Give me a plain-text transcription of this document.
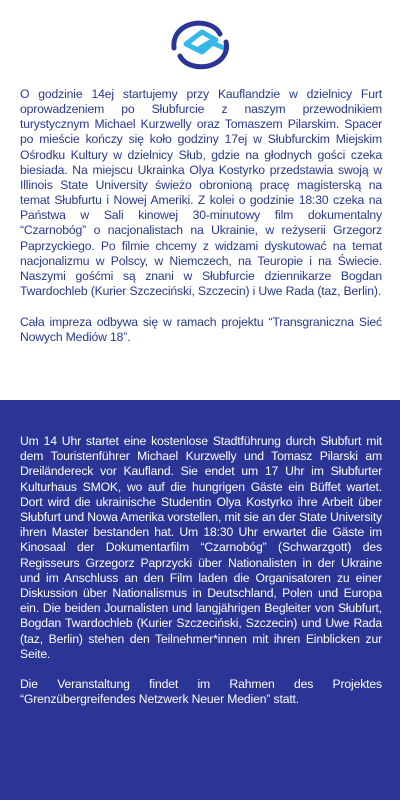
O godzinie 14ej startujemy przy Kauflandzie w dzielnicy Furt oprowadzeniem po Słubfurcie z naszym przewodnikiem turystycznym Michael Kurzwelly oraz Tomaszem Pilarskim. Spacer po mieście kończy się koło godziny 17ej w Słubfurckim Miejskim Ośrodku Kultury w dzielnicy Słub, gdzie na głodnych gości czeka biesiada. Na miejscu Ukrainka Olya Kostyrko przedstawia swoją w Illinois State University świeżo obronioną pracę magisterską na temat Słubfurtu i Nowej Ameriki. Z kolei o godzinie 18:30 czeka na Państwa w Sali kinowej 30-minutowy film dokumentalny “Czarnobóg” o nacjonalistach na Ukrainie, w reżyserii Grzegorz Paprzyckiego. Po filmie chcemy z widzami dyskutować na temat nacjonalizmu w Polscy, w Niemczech, na Teuropie i na Świecie. Naszymi gośćmi są znani w Słubfurcie dziennikarze Bogdan Twardochleb (Kurier Szczeciński, Szczecin) i Uwe Rada (taz, Berlin).

Cała impreza odbywa się w ramach projektu “Transgraniczna Sieć Nowych Mediów 18”.

Um 14 Uhr startet eine kostenlose Stadtführung durch Słubfurt mit dem Touristenführer Michael Kurzwelly und Tomasz Pilarski am Dreiländereck vor Kaufland. Sie endet um 17 Uhr im Słubfurter Kulturhaus SMOK, wo auf die hungrigen Gäste ein Büffet wartet. Dort wird die ukrainische Studentin Olya Kostyrko ihre Arbeit über Słubfurt und Nowa Amerika vorstellen, mit sie an der State University ihren Master bestanden hat. Um 18:30 Uhr erwartet die Gäste im Kinosaal der Dokumentarfilm “Czarnobóg” (Schwarzgott) des Regisseurs Grzegorz Paprzycki über Nationalisten in der Ukraine und im Anschluss an den Film laden die Organisatoren zu einer Diskussion über Nationalismus in Deutschland, Polen und Europa ein. Die beiden Journalisten und langjährigen Begleiter von Słubfurt, Bogdan Twardochleb (Kurier Szczeciński, Szczecin) und Uwe Rada (taz, Berlin) stehen den Teilnehmer*innen mit ihren Einblicken zur Seite.

Die Veranstaltung findet im Rahmen des Projektes “Grenzübergreifendes Netzwerk Neuer Medien” statt.
